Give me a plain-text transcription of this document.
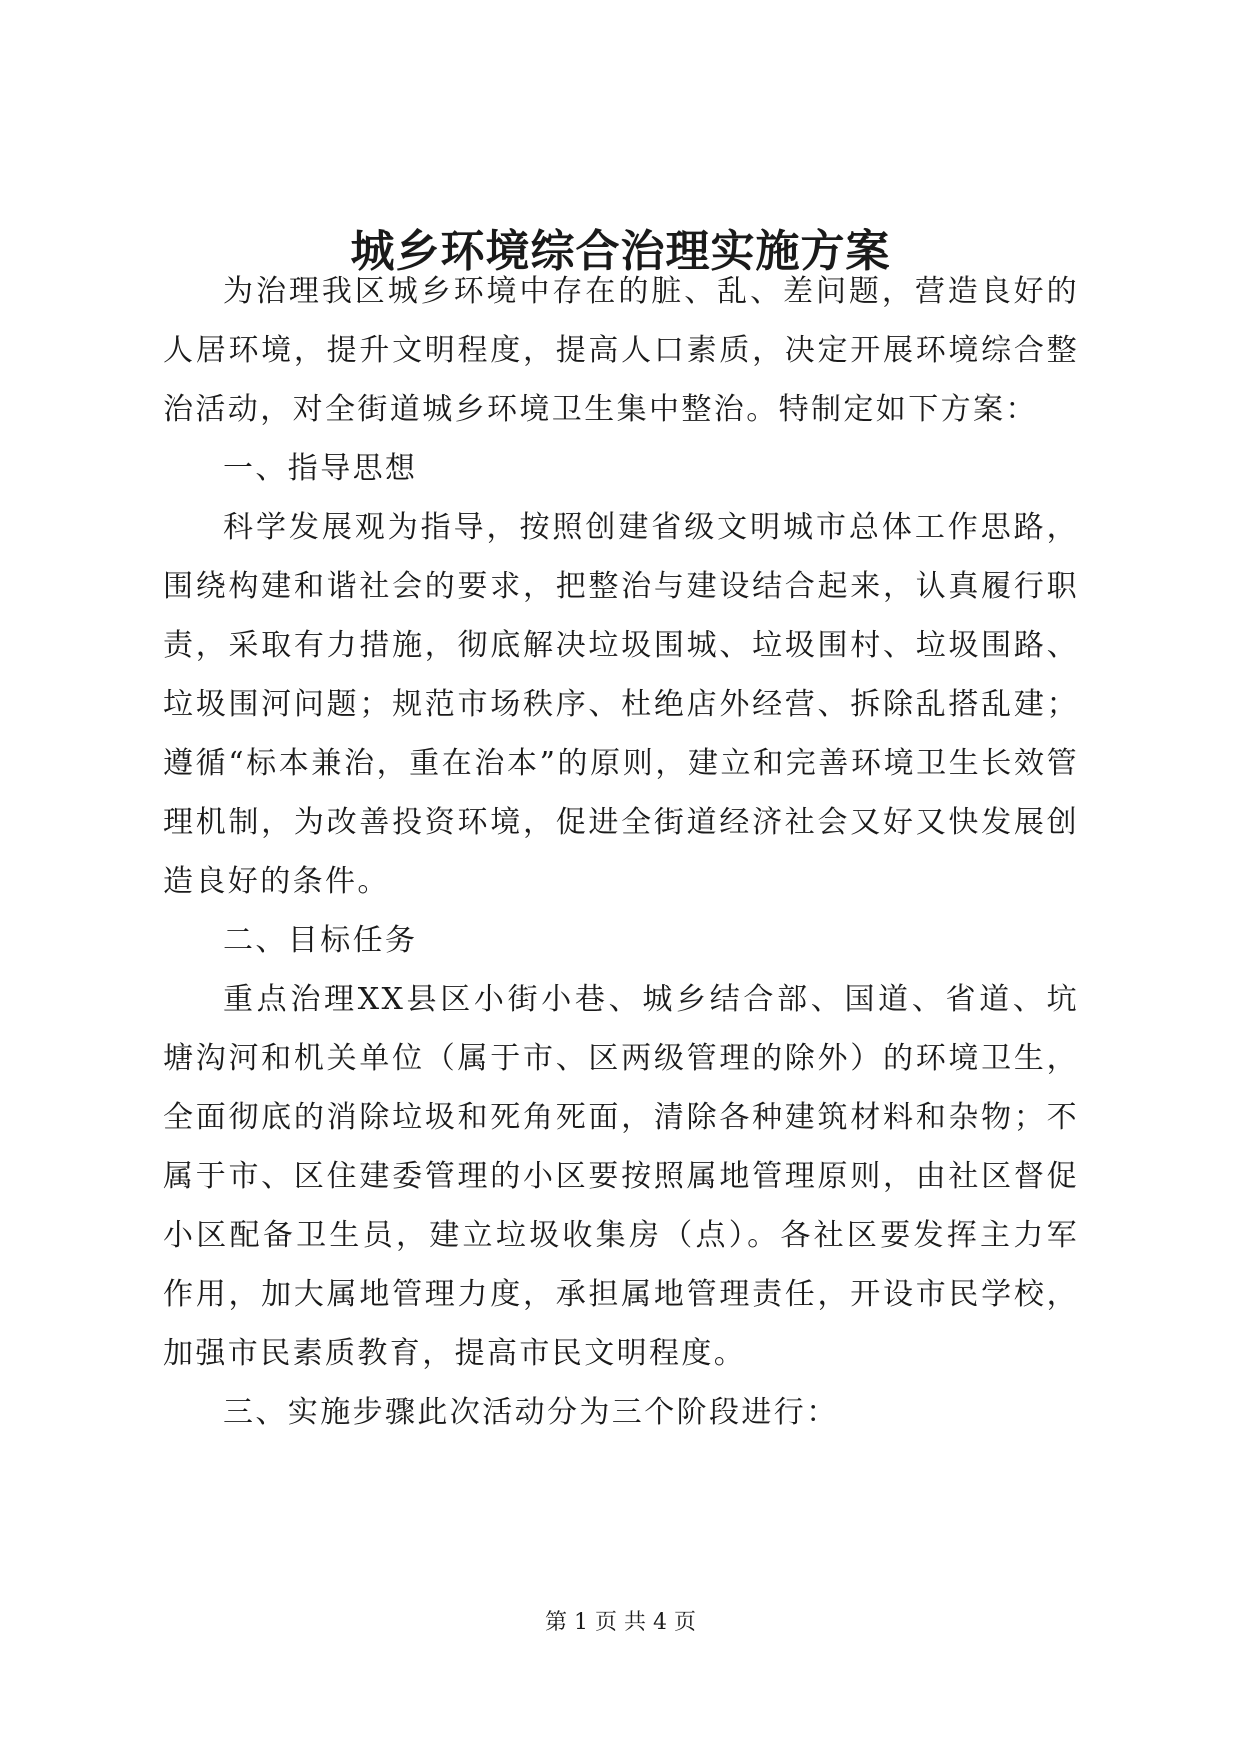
城乡环境综合治理实施方案

为治理我区城乡环境中存在的脏、乱、差问题，营造良好的人居环境，提升文明程度，提高人口素质，决定开展环境综合整治活动，对全街道城乡环境卫生集中整治。特制定如下方案：

一、指导思想

科学发展观为指导，按照创建省级文明城市总体工作思路，围绕构建和谐社会的要求，把整治与建设结合起来，认真履行职责，采取有力措施，彻底解决垃圾围城、垃圾围村、垃圾围路、垃圾围河问题；规范市场秩序、杜绝店外经营、拆除乱搭乱建；遵循“标本兼治，重在治本”的原则，建立和完善环境卫生长效管理机制，为改善投资环境，促进全街道经济社会又好又快发展创造良好的条件。

二、目标任务

重点治理XX县区小街小巷、城乡结合部、国道、省道、坑塘沟河和机关单位（属于市、区两级管理的除外）的环境卫生，全面彻底的消除垃圾和死角死面，清除各种建筑材料和杂物；不属于市、区住建委管理的小区要按照属地管理原则，由社区督促小区配备卫生员，建立垃圾收集房（点）。各社区要发挥主力军作用，加大属地管理力度，承担属地管理责任，开设市民学校，加强市民素质教育，提高市民文明程度。

三、实施步骤此次活动分为三个阶段进行：

第 1 页 共 4 页
